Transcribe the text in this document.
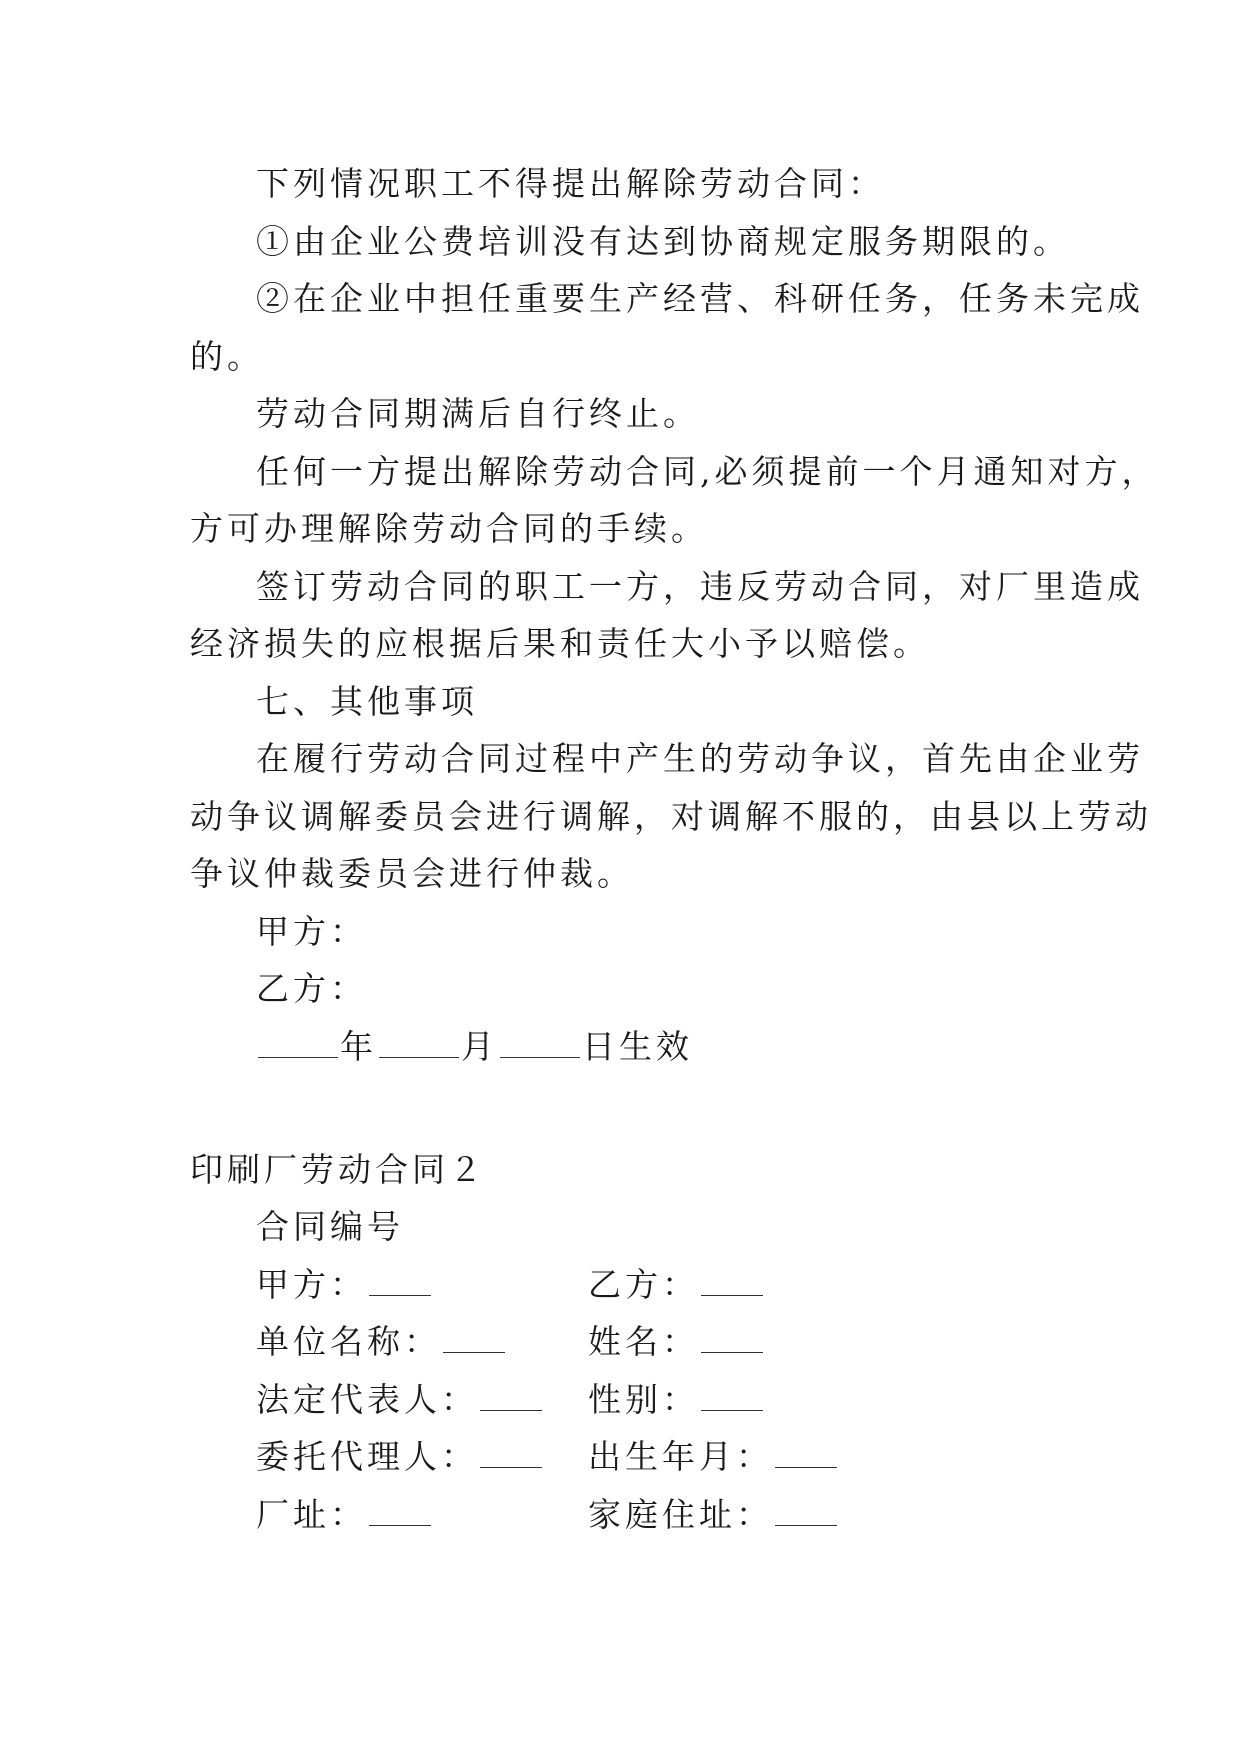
下列情况职工不得提出解除劳动合同：
①由企业公费培训没有达到协商规定服务期限的。
②在企业中担任重要生产经营、科研任务，任务未完成
的。
劳动合同期满后自行终止。
任何一方提出解除劳动合同,必须提前一个月通知对方，
方可办理解除劳动合同的手续。
签订劳动合同的职工一方，违反劳动合同，对厂里造成
经济损失的应根据后果和责任大小予以赔偿。
七、其他事项
在履行劳动合同过程中产生的劳动争议，首先由企业劳
动争议调解委员会进行调解，对调解不服的，由县以上劳动
争议仲裁委员会进行仲裁。
甲方：
乙方：
年	月	日生效
印刷厂劳动合同２
合同编号
甲方：	乙方：
单位名称：	姓名：
法定代表人：	性别：
委托代理人：	出生年月：
厂址：	家庭住址：
